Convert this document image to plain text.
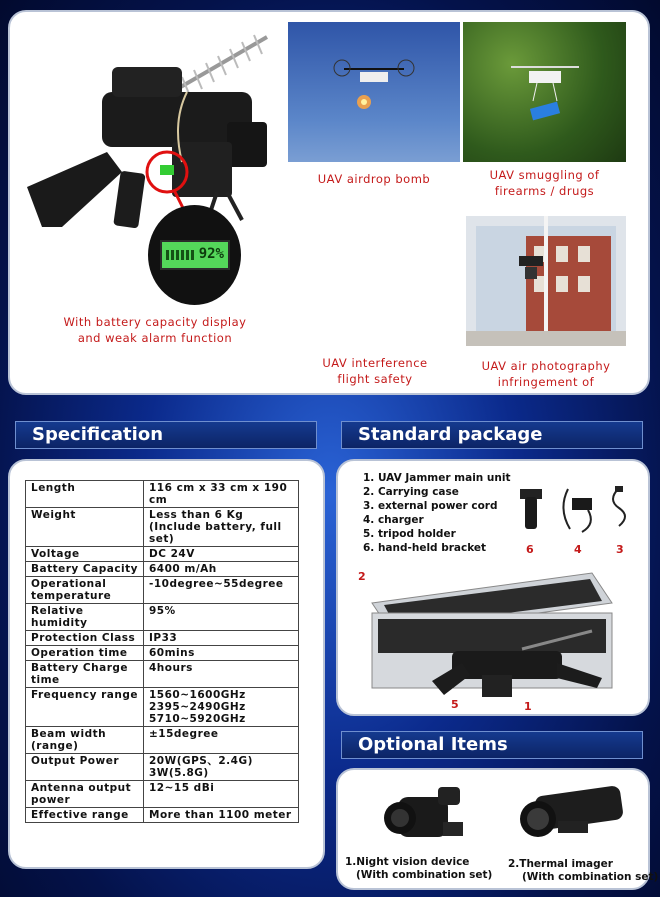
92%
With battery capacity display
and weak alarm function
UAV airdrop bomb	UAV smuggling of
firearms / drugs
UAV air photography
infringement of
UAV interference
flight safety
Specification	Standard package
Optional Items
Length	116 cm x 33 cm x 190 cm
Weight	Less than 6 Kg (Include battery, full set)
Voltage	DC 24V
Battery Capacity	6400 m/Ah
Operational temperature	-10degree~55degree
Relative humidity	95%
Protection Class	IP33
Operation time	60mins
Battery Charge time	4hours
Frequency range	1560~1600GHz 2395~2490GHz 5710~5920GHz
Beam width (range)	±15degree
Output Power	20W(GPS、2.4G) 3W(5.8G)
Antenna output power	12~15 dBi
Effective range	More than 1100 meter
1. UAV Jammer main unit
2. Carrying case
3. external power cord
4. charger
5. tripod holder
6. hand-held bracket	6	4	3
2
5	1
1.Night vision device
(With combination set)
2.Thermal imager
(With combination set)
